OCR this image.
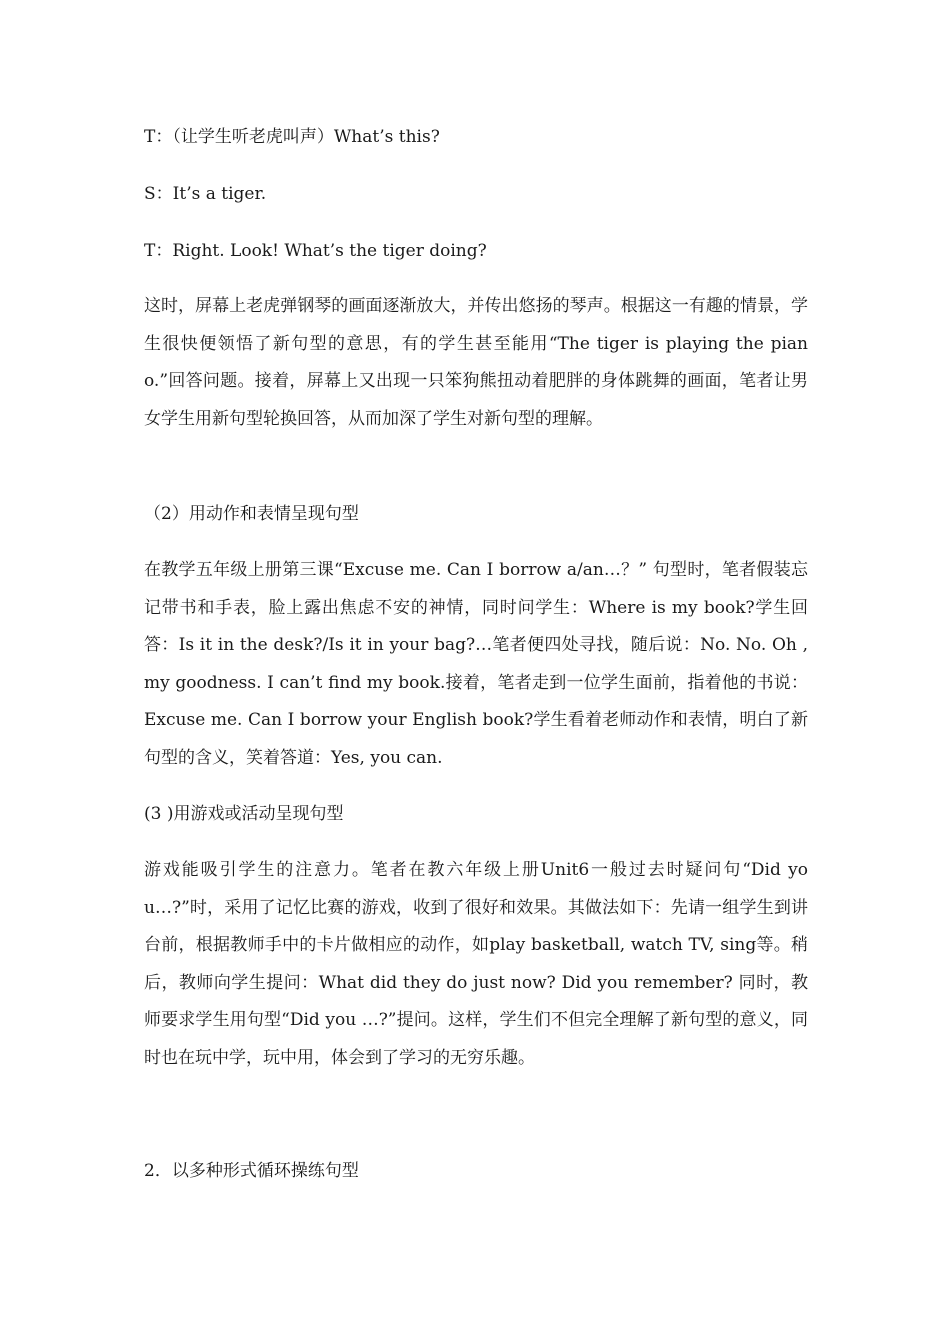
T：（让学生听老虎叫声）What’s this?
S：It’s a tiger.
T：Right. Look! What’s the tiger doing?
这时，屏幕上老虎弹钢琴的画面逐渐放大，并传出悠扬的琴声。根据这一有趣的情景，学生很快便领悟了新句型的意思，有的学生甚至能用“The tiger is playing the piano.”回答问题。接着，屏幕上又出现一只笨狗熊扭动着肥胖的身体跳舞的画面，笔者让男女学生用新句型轮换回答，从而加深了学生对新句型的理解。
（2）用动作和表情呈现句型
在教学五年级上册第三课“Excuse me. Can I borrow a/an…？” 句型时，笔者假装忘记带书和手表，脸上露出焦虑不安的神情，同时问学生：Where is my book?学生回答：Is it in the desk?/Is it in your bag?…笔者便四处寻找，随后说：No. No. Oh , my goodness. I can’t find my book.接着，笔者走到一位学生面前，指着他的书说：Excuse me. Can I borrow your English book?学生看着老师动作和表情，明白了新句型的含义，笑着答道：Yes, you can.
(3 )用游戏或活动呈现句型
游戏能吸引学生的注意力。笔者在教六年级上册Unit6一般过去时疑问句“Did you…?”时，采用了记忆比赛的游戏，收到了很好和效果。其做法如下：先请一组学生到讲台前，根据教师手中的卡片做相应的动作，如play basketball, watch TV, sing等。稍后，教师向学生提问：What did they do just now? Did you remember? 同时，教师要求学生用句型“Did you …?”提问。这样，学生们不但完全理解了新句型的意义，同时也在玩中学，玩中用，体会到了学习的无穷乐趣。
2．以多种形式循环操练句型
